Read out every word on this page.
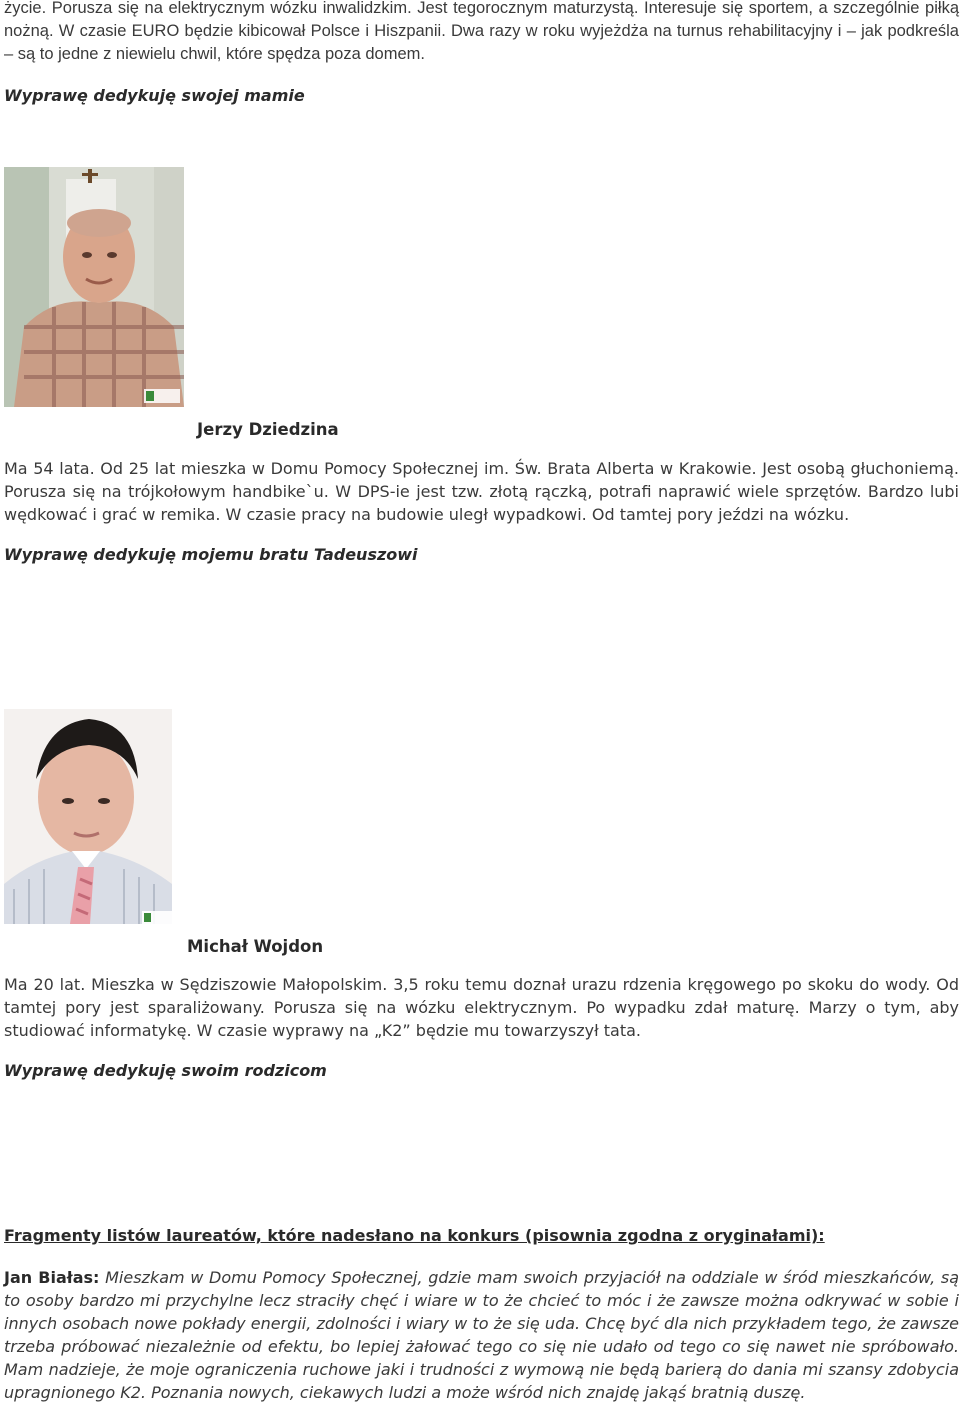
życie. Porusza się na elektrycznym wózku inwalidzkim. Jest tegorocznym maturzystą. Interesuje się sportem, a szczególnie piłką nożną. W czasie EURO będzie kibicował Polsce i Hiszpanii. Dwa razy w roku wyjeżdża na turnus rehabilitacyjny i – jak podkreśla – są to jedne z niewielu chwil, które spędza poza domem.

Wyprawę dedykuję swojej mamie

Jerzy Dziedzina

Ma 54 lata. Od 25 lat mieszka w Domu Pomocy Społecznej im. Św. Brata Alberta w Krakowie. Jest osobą głuchoniemą. Porusza się na trójkołowym handbike`u. W DPS-ie jest tzw. złotą rączką, potrafi naprawić wiele sprzętów. Bardzo lubi wędkować i grać w remika. W czasie pracy na budowie uległ wypadkowi. Od tamtej pory jeździ na wózku.

Wyprawę dedykuję mojemu bratu Tadeuszowi

Michał Wojdon

Ma 20 lat. Mieszka w Sędziszowie Małopolskim. 3,5 roku temu doznał urazu rdzenia kręgowego po skoku do wody. Od tamtej pory jest sparaliżowany. Porusza się na wózku elektrycznym. Po wypadku zdał maturę. Marzy o tym, aby studiować informatykę. W czasie wyprawy na „K2” będzie mu towarzyszył tata.

Wyprawę dedykuję swoim rodzicom

Fragmenty listów laureatów, które nadesłano na konkurs (pisownia zgodna z oryginałami):

Jan Białas: Mieszkam w Domu Pomocy Społecznej, gdzie mam swoich przyjaciół na oddziale w śród mieszkańców, są to osoby bardzo mi przychylne lecz straciły chęć i wiare w to że chcieć to móc i że zawsze można odkrywać w sobie i innych osobach nowe pokłady energii, zdolności i wiary w to że się uda. Chcę być dla nich przykładem tego, że zawsze trzeba próbować niezależnie od efektu, bo lepiej żałować tego co się nie udało od tego co się nawet nie spróbowało. Mam nadzieje, że moje ograniczenia ruchowe jaki i trudności z wymową nie będą barierą do dania mi szansy zdobycia upragnionego K2. Poznania nowych, ciekawych ludzi a może wśród nich znajdę jakąś bratnią duszę.
